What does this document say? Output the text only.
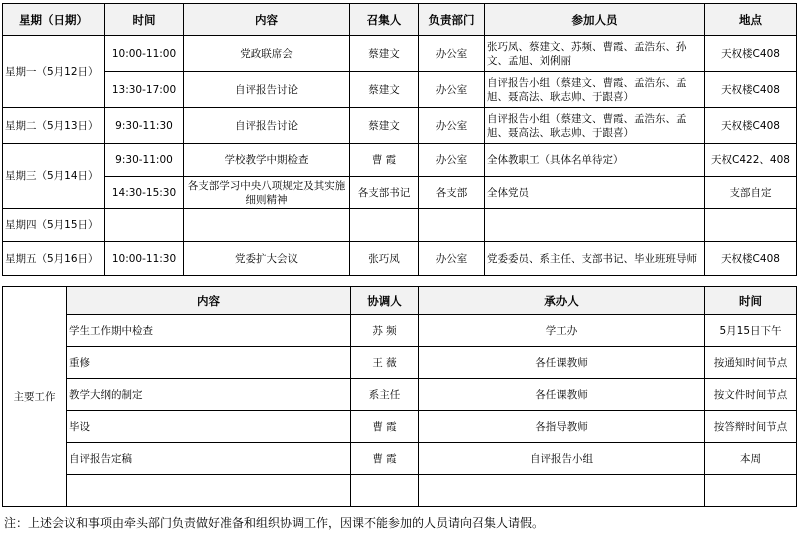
星期（日期）	时间	内容	召集人	负责部门	参加人员	地点
星期一（5月12日）	10:00-11:00	党政联席会	蔡建文	办公室	张巧凤、蔡建文、苏频、曹霞、孟浩东、孙文、孟旭、刘俐丽	天权楼C408
	13:30-17:00	自评报告讨论	蔡建文	办公室	自评报告小组（蔡建文、曹霞、孟浩东、孟旭、聂高法、耿志帅、于跟喜）	天权楼C408
星期二（5月13日）	9:30-11:30	自评报告讨论	蔡建文	办公室	自评报告小组（蔡建文、曹霞、孟浩东、孟旭、聂高法、耿志帅、于跟喜）	天权楼C408
星期三（5月14日）	9:30-11:00	学校教学中期检查	曹 霞	办公室	全体教职工（具体名单待定）	天权C422、408
	14:30-15:30	各支部学习中央八项规定及其实施细则精神	各支部书记	各支部	全体党员	支部自定
星期四（5月15日）						
星期五（5月16日）	10:00-11:30	党委扩大会议	张巧凤	办公室	党委委员、系主任、支部书记、毕业班班导师	天权楼C408
主要工作	内容	协调人	承办人	时间
	学生工作期中检查	苏 频	学工办	5月15日下午
	重修	王 薇	各任课教师	按通知时间节点
	教学大纲的制定	系主任	各任课教师	按文件时间节点
	毕设	曹 霞	各指导教师	按答辩时间节点
	自评报告定稿	曹 霞	自评报告小组	本周

注：上述会议和事项由牵头部门负责做好准备和组织协调工作，因课不能参加的人员请向召集人请假。
